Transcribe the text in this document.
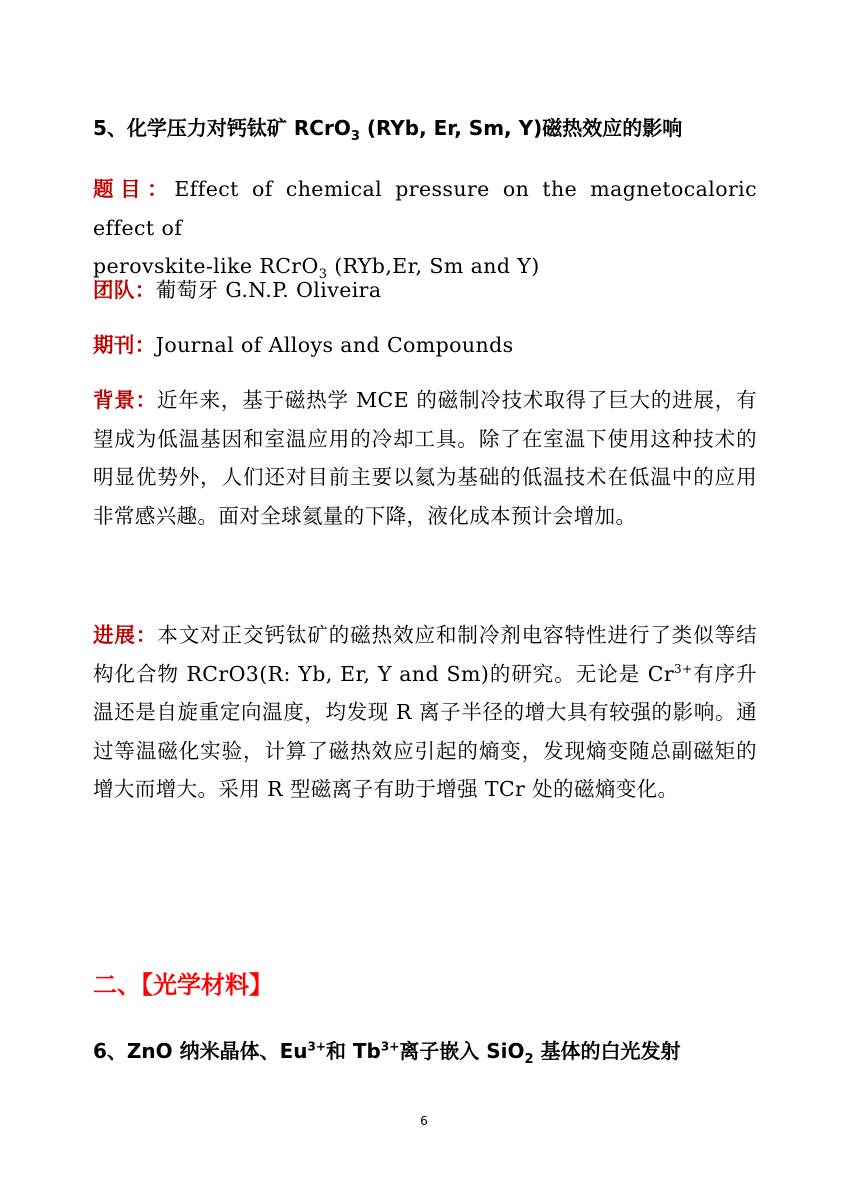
5、化学压力对钙钛矿 RCrO$_3$ (RYb, Er, Sm, Y)磁热效应的影响
题目：Effect of chemical pressure on the magnetocaloric effect of
perovskite-like RCrO$_3$ (RYb,Er, Sm and Y)
团队：葡萄牙 G.N.P. Oliveira
期刊：Journal of Alloys and Compounds
背景：近年来，基于磁热学 MCE 的磁制冷技术取得了巨大的进展，有望成为低温基因和室温应用的冷却工具。除了在室温下使用这种技术的明显优势外，人们还对目前主要以氦为基础的低温技术在低温中的应用非常感兴趣。面对全球氦量的下降，液化成本预计会增加。
进展：本文对正交钙钛矿的磁热效应和制冷剂电容特性进行了类似等结构化合物 RCrO3(R: Yb, Er, Y and Sm)的研究。无论是 $Cr^{3+}$有序升温还是自旋重定向温度，均发现 R 离子半径的增大具有较强的影响。通过等温磁化实验，计算了磁热效应引起的熵变，发现熵变随总副磁矩的增大而增大。采用 R 型磁离子有助于增强 TCr 处的磁熵变化。
二、【光学材料】
6、ZnO 纳米晶体、$Eu^{3+}$和 $Tb^{3+}$离子嵌入 SiO$_2$ 基体的白光发射
6
